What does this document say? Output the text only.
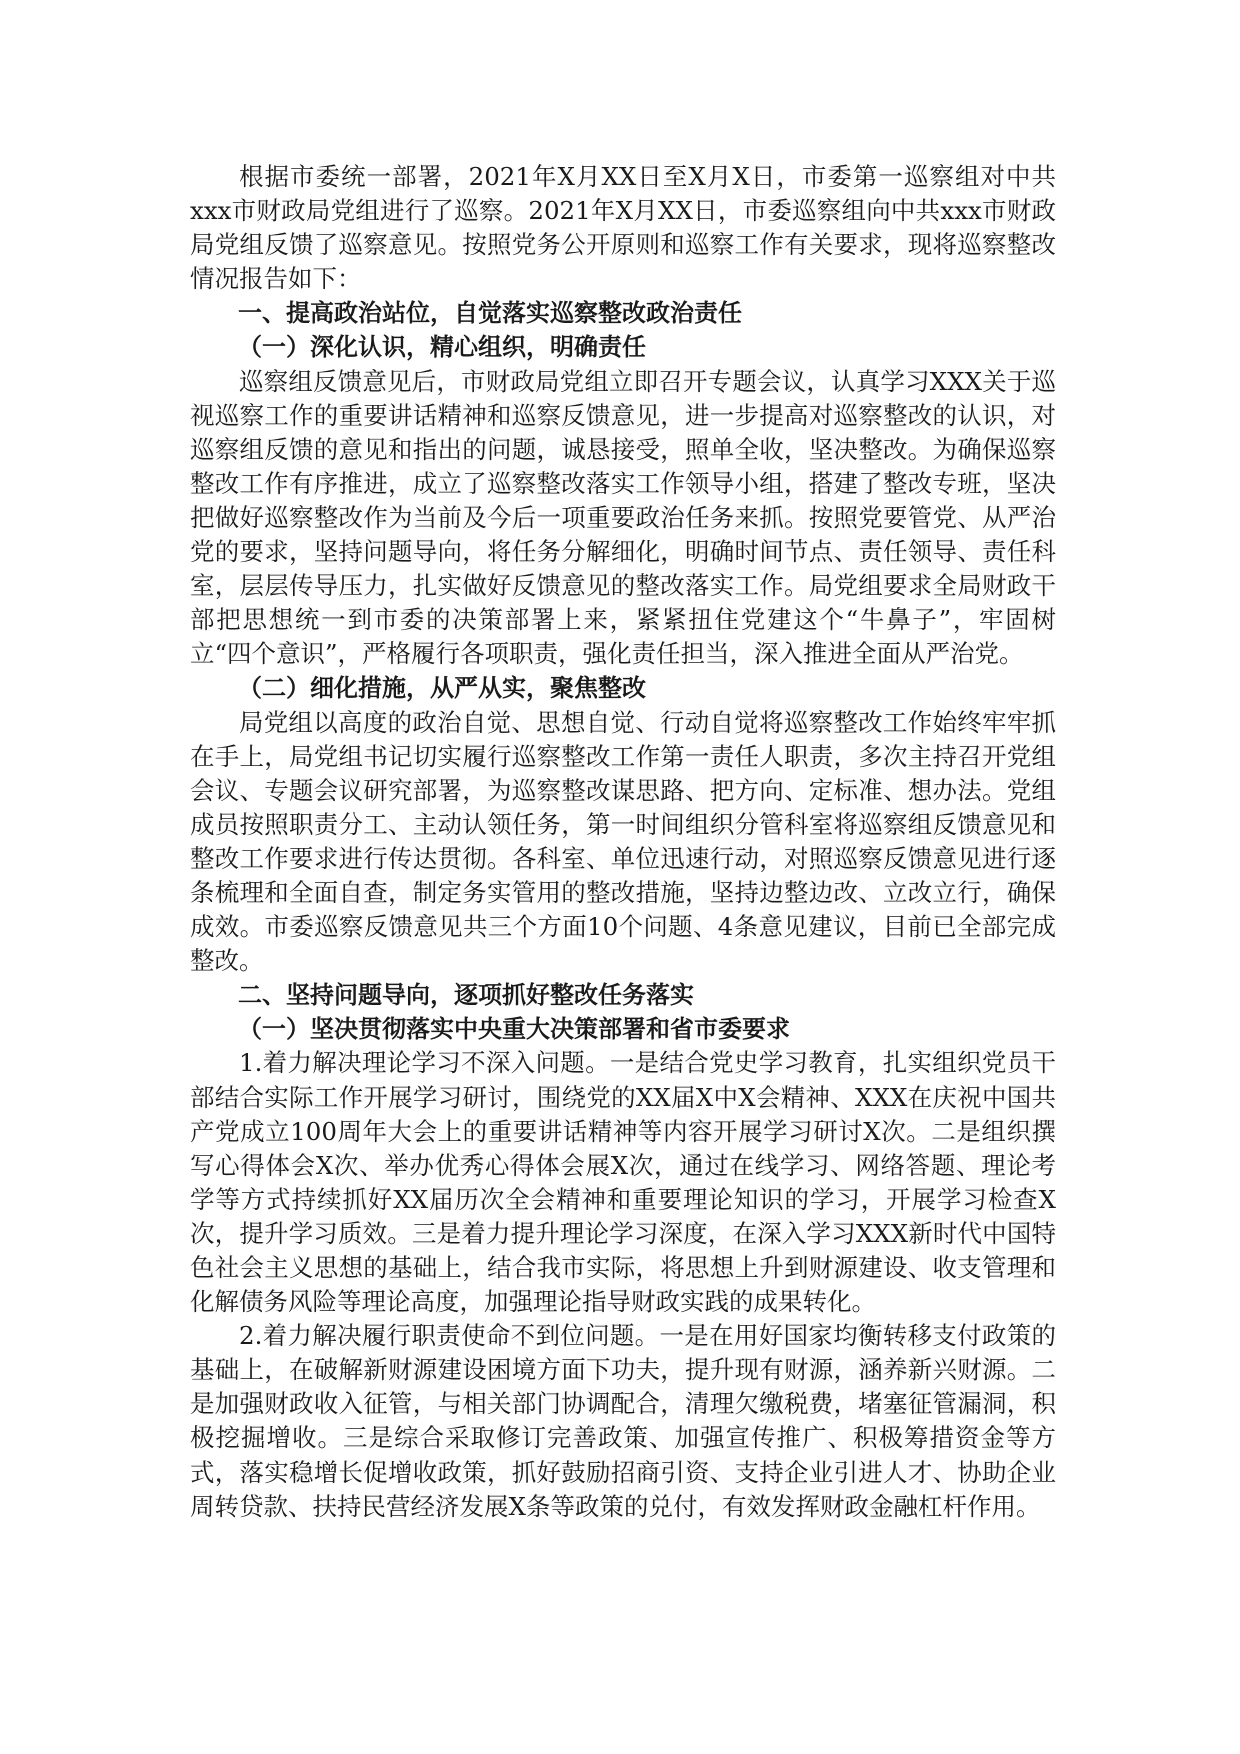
根据市委统一部署，2021年X月XX日至X月X日，市委第一巡察组对中共xxx市财政局党组进行了巡察。2021年X月XX日，市委巡察组向中共xxx市财政局党组反馈了巡察意见。按照党务公开原则和巡察工作有关要求，现将巡察整改情况报告如下：

一、提高政治站位，自觉落实巡察整改政治责任

（一）深化认识，精心组织，明确责任

巡察组反馈意见后，市财政局党组立即召开专题会议，认真学习XXX关于巡视巡察工作的重要讲话精神和巡察反馈意见，进一步提高对巡察整改的认识，对巡察组反馈的意见和指出的问题，诚恳接受，照单全收，坚决整改。为确保巡察整改工作有序推进，成立了巡察整改落实工作领导小组，搭建了整改专班，坚决把做好巡察整改作为当前及今后一项重要政治任务来抓。按照党要管党、从严治党的要求，坚持问题导向，将任务分解细化，明确时间节点、责任领导、责任科室，层层传导压力，扎实做好反馈意见的整改落实工作。局党组要求全局财政干部把思想统一到市委的决策部署上来，紧紧扭住党建这个“牛鼻子”，牢固树立“四个意识”，严格履行各项职责，强化责任担当，深入推进全面从严治党。

（二）细化措施，从严从实，聚焦整改

局党组以高度的政治自觉、思想自觉、行动自觉将巡察整改工作始终牢牢抓在手上，局党组书记切实履行巡察整改工作第一责任人职责，多次主持召开党组会议、专题会议研究部署，为巡察整改谋思路、把方向、定标准、想办法。党组成员按照职责分工、主动认领任务，第一时间组织分管科室将巡察组反馈意见和整改工作要求进行传达贯彻。各科室、单位迅速行动，对照巡察反馈意见进行逐条梳理和全面自查，制定务实管用的整改措施，坚持边整边改、立改立行，确保成效。市委巡察反馈意见共三个方面10个问题、4条意见建议，目前已全部完成整改。

二、坚持问题导向，逐项抓好整改任务落实

（一）坚决贯彻落实中央重大决策部署和省市委要求

1.着力解决理论学习不深入问题。一是结合党史学习教育，扎实组织党员干部结合实际工作开展学习研讨，围绕党的XX届X中X会精神、XXX在庆祝中国共产党成立100周年大会上的重要讲话精神等内容开展学习研讨X次。二是组织撰写心得体会X次、举办优秀心得体会展X次，通过在线学习、网络答题、理论考学等方式持续抓好XX届历次全会精神和重要理论知识的学习，开展学习检查X次，提升学习质效。三是着力提升理论学习深度，在深入学习XXX新时代中国特色社会主义思想的基础上，结合我市实际，将思想上升到财源建设、收支管理和化解债务风险等理论高度，加强理论指导财政实践的成果转化。

2.着力解决履行职责使命不到位问题。一是在用好国家均衡转移支付政策的基础上，在破解新财源建设困境方面下功夫，提升现有财源，涵养新兴财源。二是加强财政收入征管，与相关部门协调配合，清理欠缴税费，堵塞征管漏洞，积极挖掘增收。三是综合采取修订完善政策、加强宣传推广、积极筹措资金等方式，落实稳增长促增收政策，抓好鼓励招商引资、支持企业引进人才、协助企业周转贷款、扶持民营经济发展X条等政策的兑付，有效发挥财政金融杠杆作用。
